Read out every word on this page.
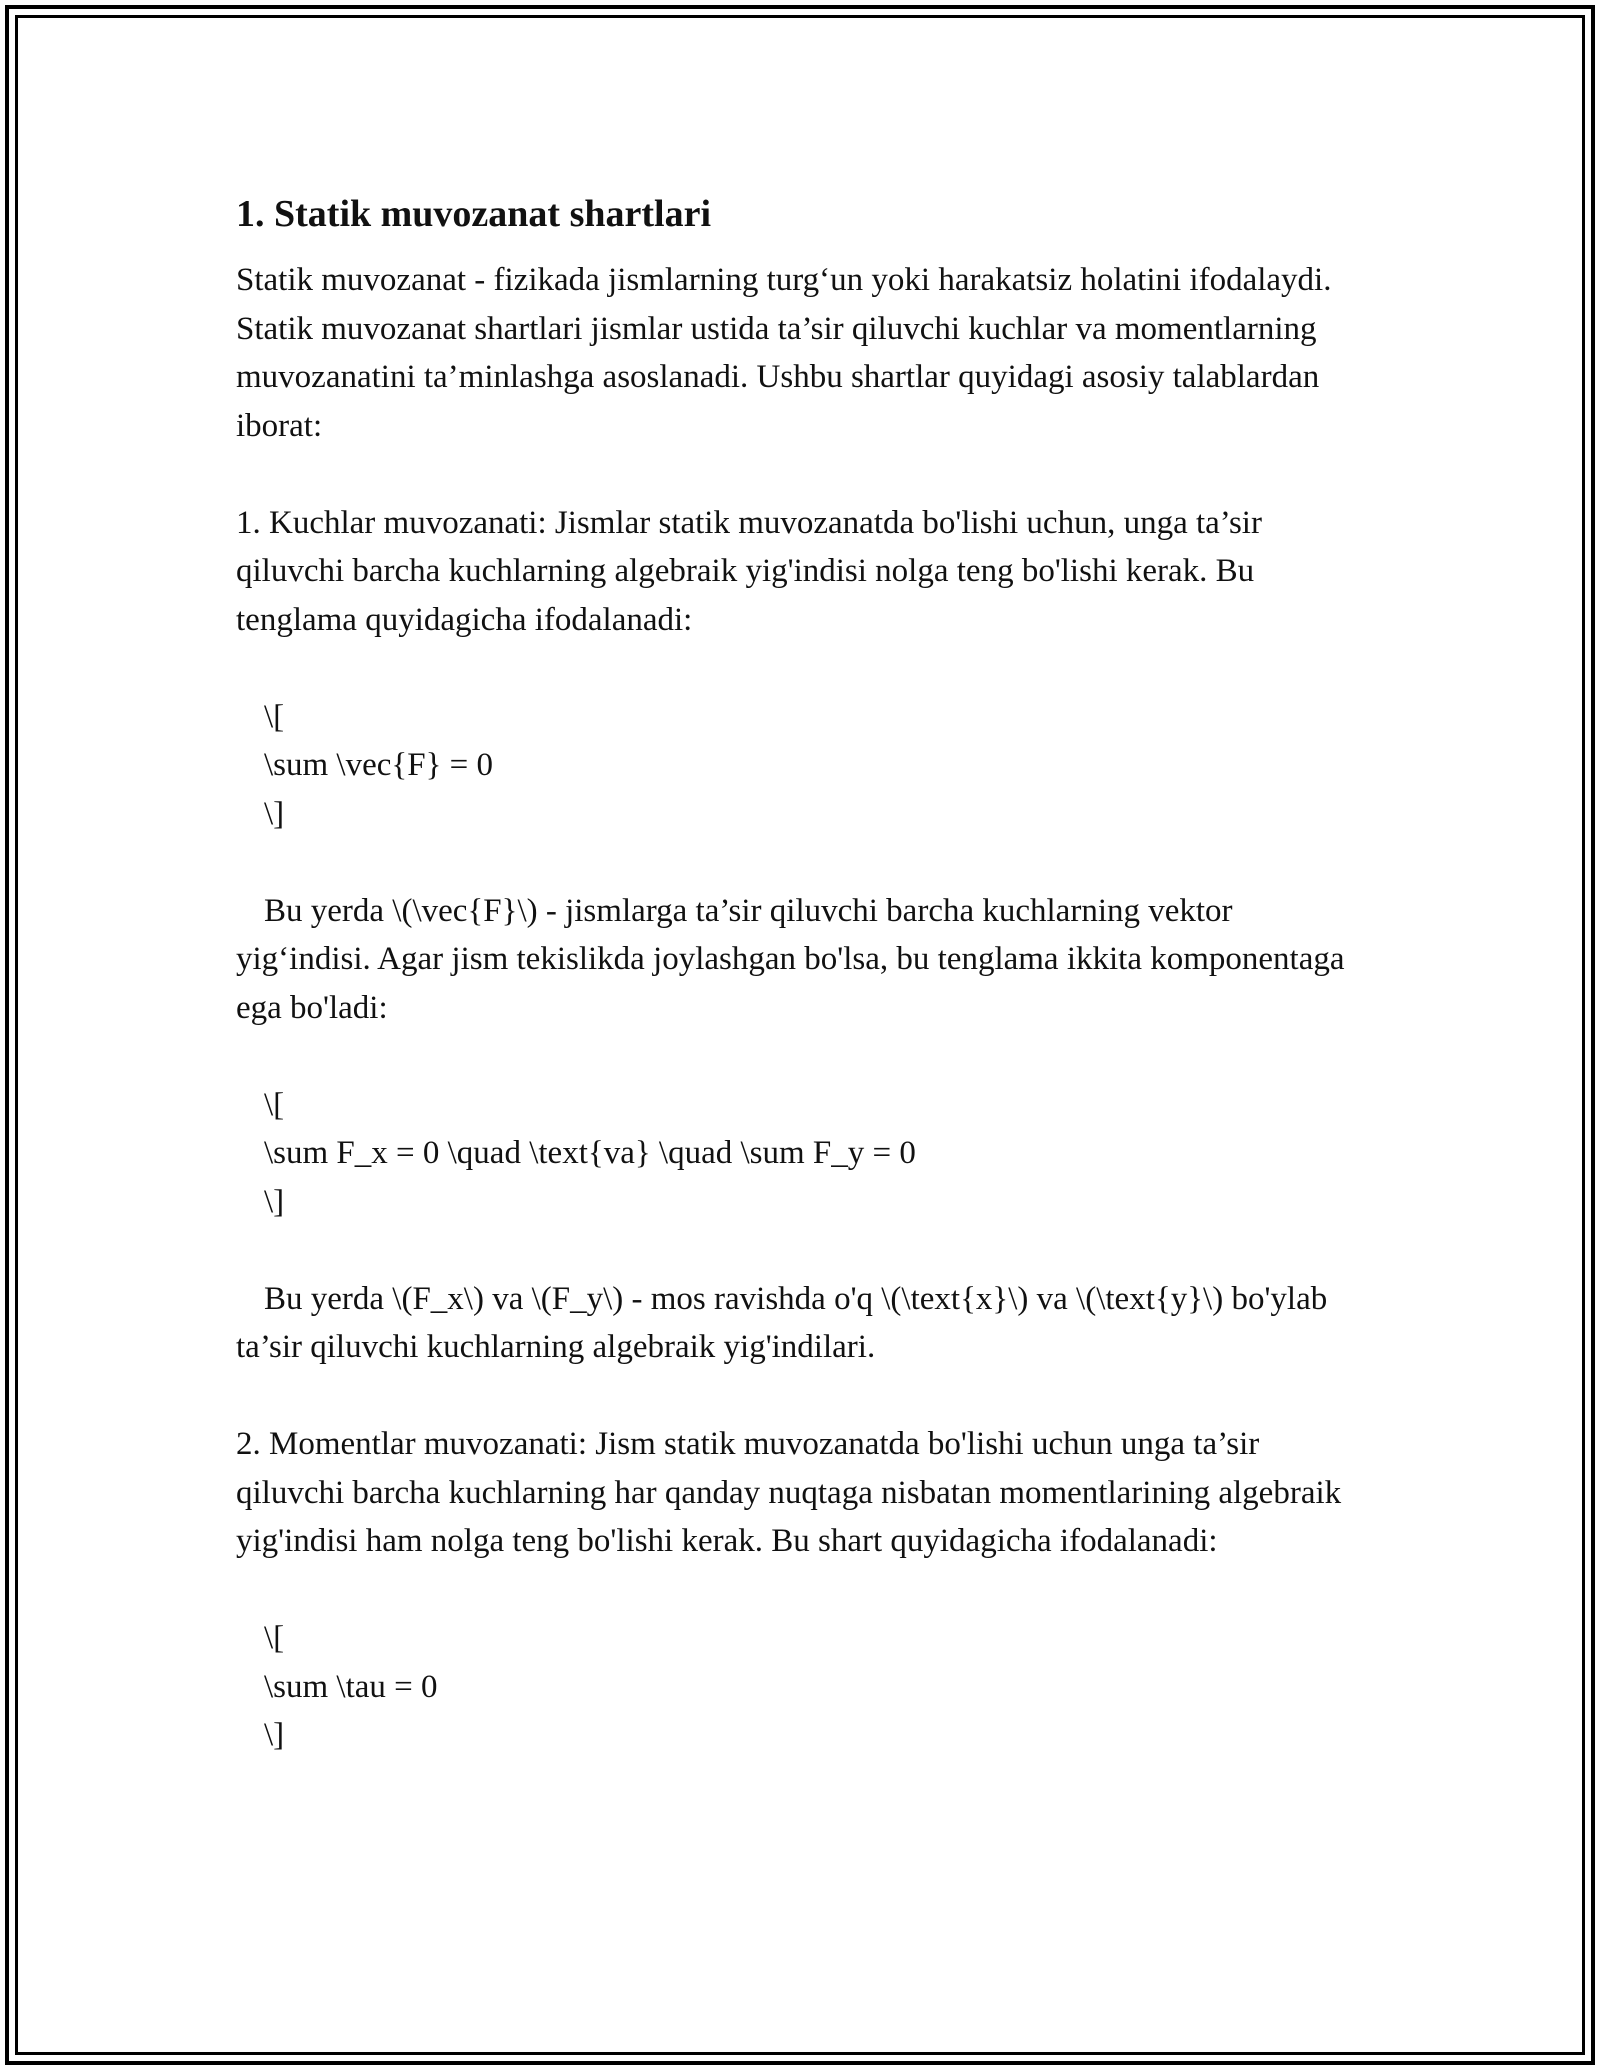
1. Statik muvozanat shartlari

Statik muvozanat - fizikada jismlarning turg‘un yoki harakatsiz holatini ifodalaydi. Statik muvozanat shartlari jismlar ustida ta’sir qiluvchi kuchlar va momentlarning muvozanatini ta’minlashga asoslanadi. Ushbu shartlar quyidagi asosiy talablardan iborat:

1. Kuchlar muvozanati: Jismlar statik muvozanatda bo'lishi uchun, unga ta’sir qiluvchi barcha kuchlarning algebraik yig'indisi nolga teng bo'lishi kerak. Bu tenglama quyidagicha ifodalanadi:

\[

\sum \vec{F} = 0

\]

Bu yerda \(\vec{F}\) - jismlarga ta’sir qiluvchi barcha kuchlarning vektor yig‘indisi. Agar jism tekislikda joylashgan bo'lsa, bu tenglama ikkita komponentaga ega bo'ladi:

\[

\sum F_x = 0 \quad \text{va} \quad \sum F_y = 0

\]

Bu yerda \(F_x\) va \(F_y\) - mos ravishda o'q \(\text{x}\) va \(\text{y}\) bo'ylab ta’sir qiluvchi kuchlarning algebraik yig'indilari.

2. Momentlar muvozanati: Jism statik muvozanatda bo'lishi uchun unga ta’sir qiluvchi barcha kuchlarning har qanday nuqtaga nisbatan momentlarining algebraik yig'indisi ham nolga teng bo'lishi kerak. Bu shart quyidagicha ifodalanadi:

\[

\sum \tau = 0

\]
